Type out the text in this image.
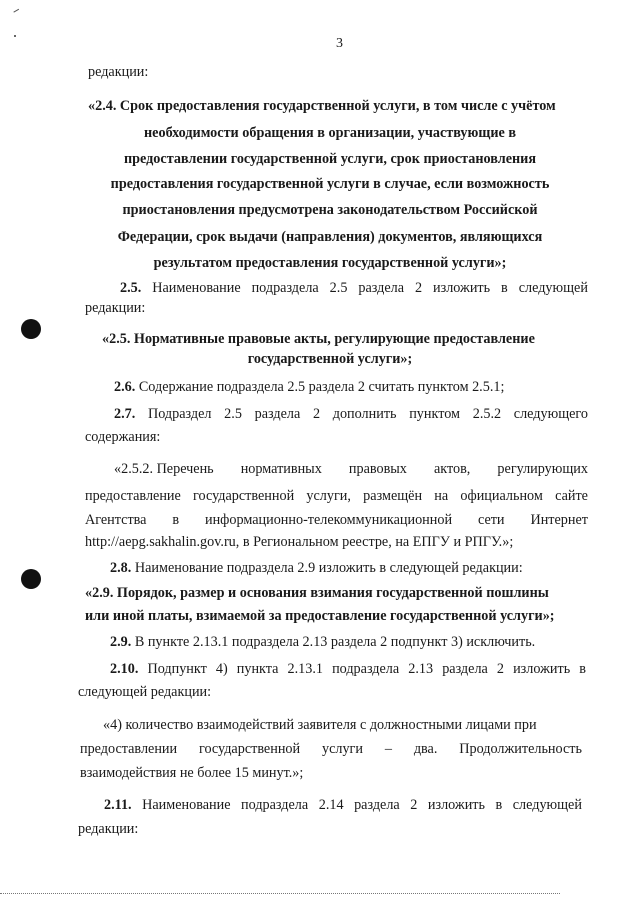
3
редакции:
«2.4. Срок предоставления государственной услуги, в том числе с учётом
необходимости обращения в организации, участвующие в
предоставлении государственной услуги, срок приостановления
предоставления государственной услуги в случае, если возможность
приостановления предусмотрена законодательством Российской
Федерации, срок выдачи (направления) документов, являющихся
результатом предоставления государственной услуги»;
2.5. Наименование подраздела 2.5 раздела 2 изложить в следующей
редакции:
«2.5. Нормативные правовые акты, регулирующие предоставление
государственной услуги»;
2.6. Содержание подраздела 2.5 раздела 2 считать пунктом 2.5.1;
2.7. Подраздел 2.5 раздела 2 дополнить пунктом 2.5.2 следующего
содержания:
«2.5.2. Перечень нормативных правовых актов, регулирующих
предоставление государственной услуги, размещён на официальном сайте
Агентства в информационно-телекоммуникационной сети Интернет
http://aepg.sakhalin.gov.ru, в Региональном реестре, на ЕПГУ и РПГУ.»;
2.8. Наименование подраздела 2.9 изложить в следующей редакции:
«2.9. Порядок, размер и основания взимания государственной пошлины
или иной платы, взимаемой за предоставление государственной услуги»;
2.9. В пункте 2.13.1 подраздела 2.13 раздела 2 подпункт 3) исключить.
2.10. Подпункт 4) пункта 2.13.1 подраздела 2.13 раздела 2 изложить в
следующей редакции:
«4) количество взаимодействий заявителя с должностными лицами при
предоставлении государственной услуги – два. Продолжительность
взаимодействия не более 15 минут.»;
2.11. Наименование подраздела 2.14 раздела 2 изложить в следующей
редакции:
